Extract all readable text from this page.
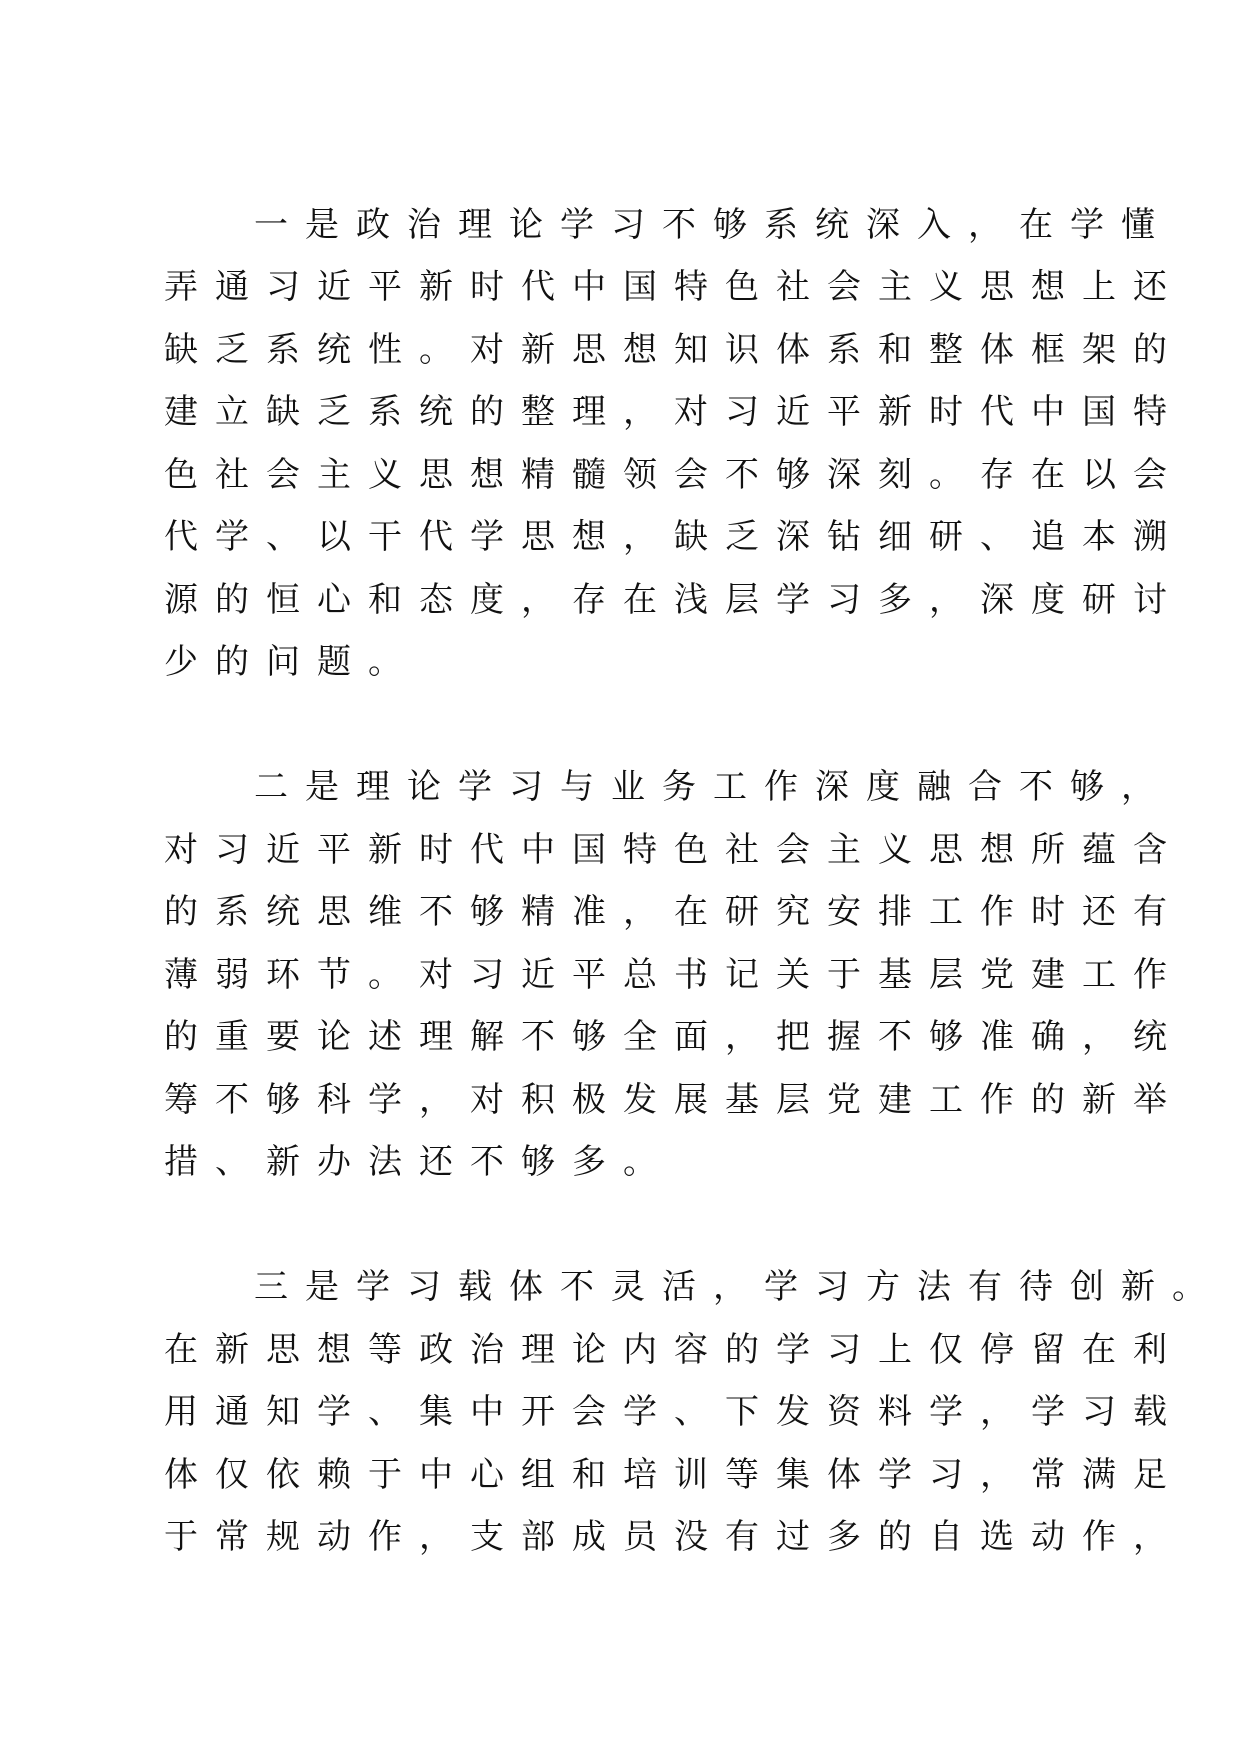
一是政治理论学习不够系统深入，在学懂
弄通习近平新时代中国特色社会主义思想上还
缺乏系统性。对新思想知识体系和整体框架的
建立缺乏系统的整理，对习近平新时代中国特
色社会主义思想精髓领会不够深刻。存在以会
代学、以干代学思想，缺乏深钻细研、追本溯
源的恒心和态度，存在浅层学习多，深度研讨
少的问题。
二是理论学习与业务工作深度融合不够，
对习近平新时代中国特色社会主义思想所蕴含
的系统思维不够精准，在研究安排工作时还有
薄弱环节。对习近平总书记关于基层党建工作
的重要论述理解不够全面，把握不够准确，统
筹不够科学，对积极发展基层党建工作的新举
措、新办法还不够多。
三是学习载体不灵活，学习方法有待创新。
在新思想等政治理论内容的学习上仅停留在利
用通知学、集中开会学、下发资料学，学习载
体仅依赖于中心组和培训等集体学习，常满足
于常规动作，支部成员没有过多的自选动作，
